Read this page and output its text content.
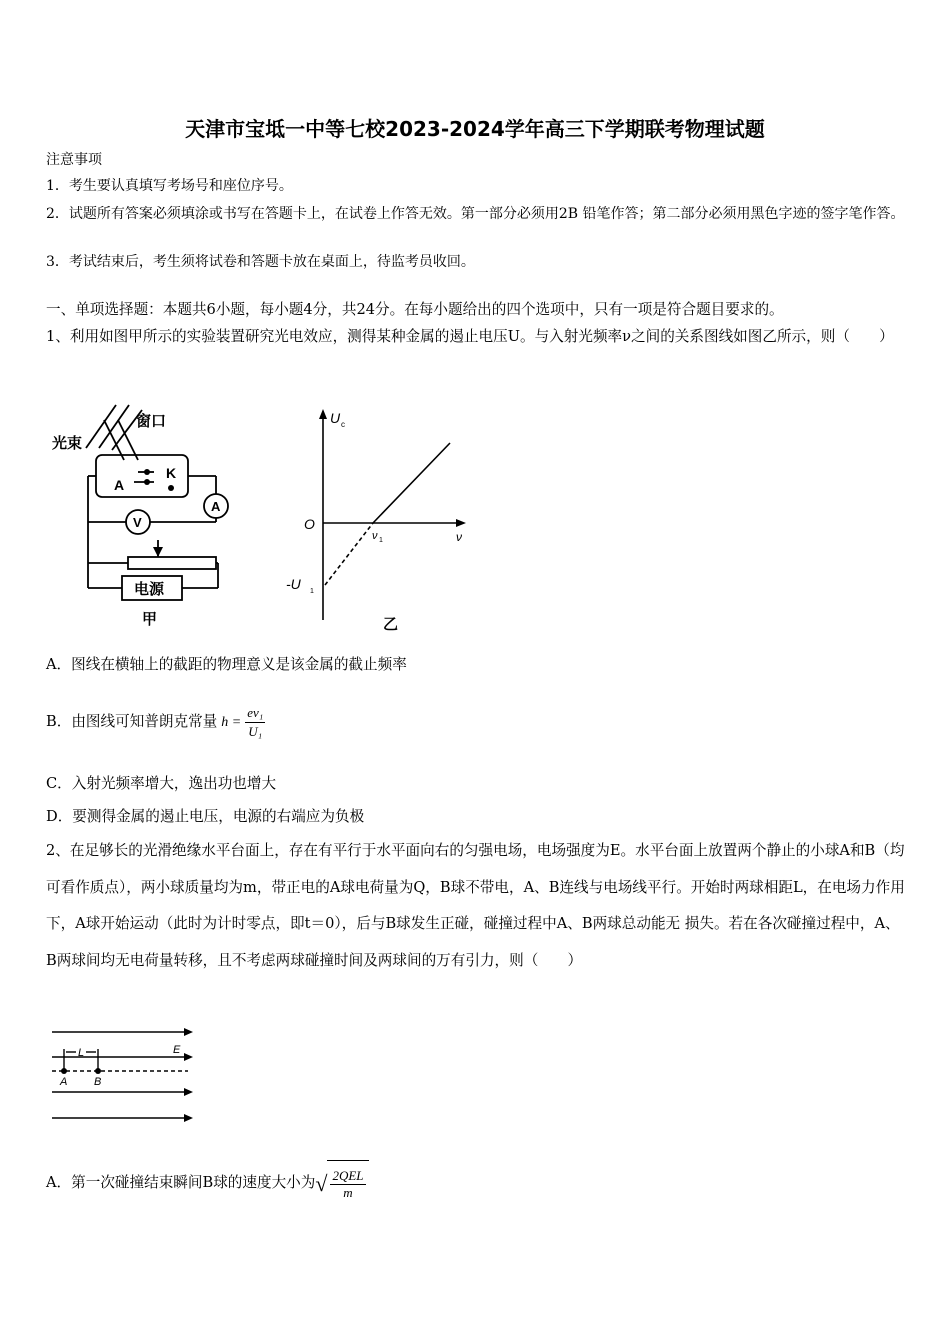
天津市宝坻一中等七校2023-2024学年高三下学期联考物理试题
注意事项
1．考生要认真填写考场号和座位序号。
2．试题所有答案必须填涂或书写在答题卡上，在试卷上作答无效。第一部分必须用2B 铅笔作答；第二部分必须用黑色字迹的签字笔作答。
3．考试结束后，考生须将试卷和答题卡放在桌面上，待监考员收回。
一、单项选择题：本题共6小题，每小题4分，共24分。在每小题给出的四个选项中，只有一项是符合题目要求的。
1、利用如图甲所示的实验装置研究光电效应，测得某种金属的遏止电压U。与入射光频率ν之间的关系图线如图乙所示，则（　　）
窗口
光束
K
A
A
V
电源
甲
U c
O
ν
ν 1
-U 1
乙
A．图线在横轴上的截距的物理意义是该金属的截止频率
B．由图线可知普朗克常量 $h = \frac{\text{eν₁}}{\text{U₁}}$
C．入射光频率增大，逸出功也增大
D．要测得金属的遏止电压，电源的右端应为负极
2、在足够长的光滑绝缘水平台面上，存在有平行于水平面向右的匀强电场，电场强度为E。水平台面上放置两个静止的小球A和B（均可看作质点），两小球质量均为m，带正电的A球电荷量为Q，B球不带电，A、B连线与电场线平行。开始时两球相距L，在电场力作用下，A球开始运动（此时为计时零点，即t＝0），后与B球发生正碰，碰撞过程中A、B两球总动能无 损失。若在各次碰撞过程中，A、B两球间均无电荷量转移，且不考虑两球碰撞时间及两球间的万有引力，则（　　）
L	E
A B
A．第一次碰撞结束瞬间B球的速度大小为√ $\frac{\text{2QEL}}{m}$
